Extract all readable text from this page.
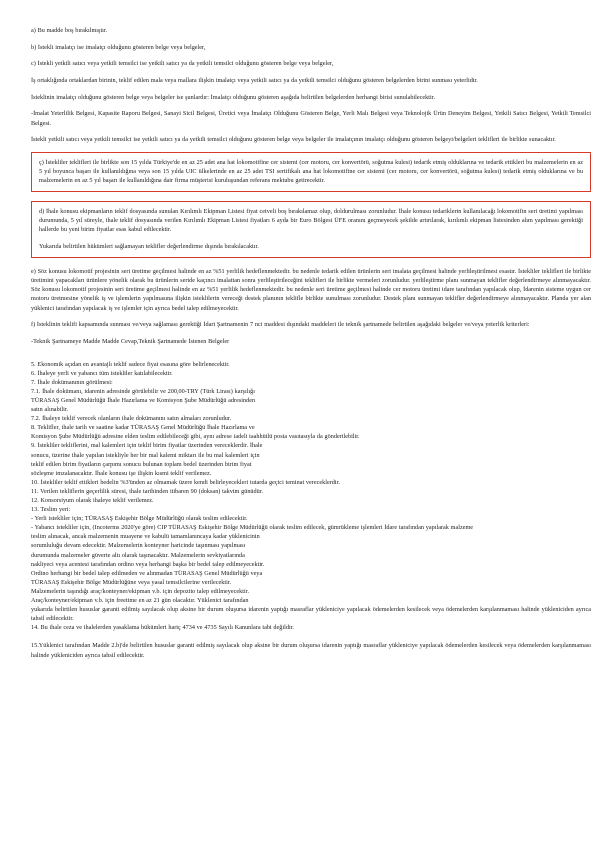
a) Bu madde boş bırakılmıştır.

b) İstekli imalatçı ise imalatçı olduğunu gösteren belge veya belgeler,

c) İstekli yetkili satıcı veya yetkili temsilci ise yetkili satıcı ya da yetkili temsilci olduğunu gösteren belge veya belgeler,

İş ortaklığında ortaklardan birinin, teklif edilen mala veya mallara ilişkin imalatçı veya yetkili satıcı ya da yetkili temsilci olduğunu gösteren belgelerden birini sunması yeterlidir.

İsteklinin imalatçı olduğunu gösteren belge veya belgeler ise şunlardır: İmalatçı olduğunu gösteren aşağıda belirtilen belgelerden herhangi birisi sunulabilecektir.

-İmalat Yeterlilik Belgesi, Kapasite Raporu Belgesi, Sanayi Sicil Belgesi, Üretici veya İmalatçı Olduğunu Gösteren Belge, Yerli Malı Belgesi veya Teknolojik Ürün Deneyim Belgesi, Yetkili Satıcı Belgesi, Yetkili Temsilci Belgesi.

İstekli yetkili satıcı veya yetkili temsilci ise yetkili satıcı ya da yetkili temsilci olduğunu gösteren belge veya belgeler ile imalatçının imalatçı olduğunu gösteren belgeyi/belgeleri teklifleri ile birlikte sunacaktır.

ç) İstekliler teklifleri ile birlikte son 15 yılda Türkiye'de en az 25 adet ana hat lokomotifine cer sistemi (cer motoru, cer konvertörü, soğutma kulesi) tedarik etmiş olduklarına ve tedarik ettikleri bu malzemelerin en az 5 yıl boyunca başarı ile kullanıldığına veya son 15 yılda UIC ülkelerinde en az 25 adet TSI sertifikalı ana hat lokomotifine cer sistemi (cer motoru, cer konvertörü, soğutma kulesi) tedarik etmiş olduklarına ve bu malzemelerin en az 5 yıl başarı ile kullanıldığına dair firma müşterisi kuruluşundan referans mektubu getirecektir.

d) İhale konusu ekipmanların teklif dosyasında sunulan Kırılımlı Ekipman Listesi fiyat cetveli boş bırakılamaz olup, doldurulması zorunludur. İhale konusu tedariklerin kullanılacağı lokomotifin seri üretimi yapılması durumunda, 5 yıl süreyle, ihale teklif dosyasında verilen Kırılımlı Ekipman Listesi fiyatları 6 ayda bir Euro Bölgesi ÜFE oranını geçmeyecek şekilde artırılarak, kırılımlı ekipman listesinden alım yapılması gerektiği hallerde bu yeni birim fiyatlar esas kabul edilecektir.

Yukarıda belirtilen hükümleri sağlamayan teklifler değerlendirme dışında bırakılacaktır.

e) Söz konusu lokomotif projesinin seri üretime geçilmesi halinde en az %51 yerlilik hedeflenmektedir. bu nedenle tedarik edilen ürünlerin seri imalata geçilmesi halinde yerlileştirilmesi esastır. İstekliler teklifleri ile birlikte üretimini yapacakları ürünlere yönelik olarak bu ürünlerin seride kaçıncı imalattan sonra yerlileştirileceğini teklifleri ile birlikte vermeleri zorunludur. yerlileştirme planı sunmayan teklifler değerlendirmeye alınmayacaktır. Söz konusu lokomotif projesinin seri üretime geçilmesi halinde en az %51 yerlilik hedeflenmektedir. bu nedenle seri üretime geçilmesi halinde cer motoru üretimi idare tarafından yapılacak olup, İdarenin sisteme uygun cer motoru üretmesine yönelik iş ve işlemlerin yapılmasına ilişkin isteklilerin vereceği destek planının teklifle birlikte sunulması zorunludur. Destek planı sunmayan teklifler değerlendirmeye alınmayacaktır. Planda yer alan yüklenici tarafından yapılacak iş ve işlemler için ayrıca bedel talep edilmeyecektir.

f) İsteklinin teklifi kapsamında sunması ve/veya sağlaması gerektiği İdari Şartnamenin 7 nci maddesi dışındaki maddeleri ile teknik şartnamede belirtilen aşağıdaki belgeler ve/veya yeterlik kriterleri:

-Teknik Şartnameye Madde Madde Cevap,Teknik Şartnamede İstenen Belgeler

5. Ekonomik açıdan en avantajlı teklif sadece fiyat esasına göre belirlenecektir.

6. İhaleye yerli ve yabancı tüm istekliler katılabilecektir.

7. İhale dokümanının görülmesi:

7.1. İhale dokümanı, idarenin adresinde görülebilir ve 200,00-TRY (Türk Lirası) karşılığı

TÜRASAŞ Genel Müdürlüğü İhale Hazırlama ve Komisyon Şube Müdürlüğü adresinden

satın alınabilir.

7.2. İhaleye teklif verecek olanların ihale dokümanını satın almaları zorunludur.

8. Teklifler, ihale tarih ve saatine kadar TÜRASAŞ Genel Müdürlüğü İhale Hazırlama ve

Komisyon Şube Müdürlüğü adresine elden teslim edilebileceği gibi, aynı adrese iadeli taahhütlü posta vasıtasıyla da gönderilebilir.

9. İstekliler tekliflerini, mal kalemleri için teklif birim fiyatlar üzerinden vereceklerdir. İhale

sonucu, üzerine ihale yapılan istekliyle her bir mal kalemi miktarı ile bu mal kalemleri için

teklif edilen birim fiyatların çarpımı sonucu bulunan toplam bedel üzerinden birim fiyat

sözleşme imzalanacaktır. İhale konusu işe ilişkin kısmi teklif verilemez.

10. İstekliler teklif ettikleri bedelin %3'ünden az olmamak üzere kendi belirleyecekleri tutarda geçici teminat vereceklerdir.

11. Verilen tekliflerin geçerlilik süresi, ihale tarihinden itibaren 90 (doksan) takvim günüdür.

12. Konsorsiyum olarak ihaleye teklif verilemez.

13. Teslim yeri:

- Yerli istekliler için; TÜRASAŞ Eskişehir Bölge Müdürlüğü olarak teslim edilecektir.

- Yabancı istekliler için, (Incoterms 2020'ye göre) CIP TÜRASAŞ Eskişehir Bölge Müdürlüğü olarak teslim edilecek, gümrükleme işlemleri İdare tarafından yapılarak malzeme

teslim alınacak, ancak malzemenin muayene ve kabulü tamamlanıncaya kadar yüklenicinin

sorumluluğu devam edecektir. Malzemelerin konteyner haricinde taşınması yapılması

durumunda malzemeler güverte altı olarak taşınacaktır. Malzemelerin sevkiyatlarında

nakliyeci veya acentesi tarafından ordino veya herhangi başka bir bedel talep edilmeyecektir.

Ordino herhangi bir bedel talep edilmeden ve alınmadan TÜRASAŞ Genel Müdürlüğü veya

TÜRASAŞ Eskişehir Bölge Müdürlüğüne veya yasal temsilcilerine verilecektir.

Malzemelerin taşındığı araç/konteyner/ekipman v.b. için depozito talep edilmeyecektir.

Araç/konteyner/ekipman v.b. için freetime en az 21 gün olacaktır. Yüklenici tarafından

yukarıda belirtilen hususlar garanti edilmiş sayılacak olup aksine bir durum oluşursa idarenin yaptığı masraflar yükleniciye yapılacak ödemelerden kesilecek veya ödemelerden karşılanmaması halinde yükleniciden ayrıca tahsil edilecektir.

14. Bu ihale ceza ve ihalelerden yasaklama hükümleri hariç 4734 ve 4735 Sayılı Kanunlara tabi değildir.

15.Yüklenici tarafından Madde 2.b)'de belirtilen hususlar garanti edilmiş sayılacak olup aksine bir durum oluşursa idarenin yaptığı masraflar yükleniciye yapılacak ödemelerden kesilecek veya ödemelerden karşılanmaması halinde yükleniciden ayrıca tahsil edilecektir.
